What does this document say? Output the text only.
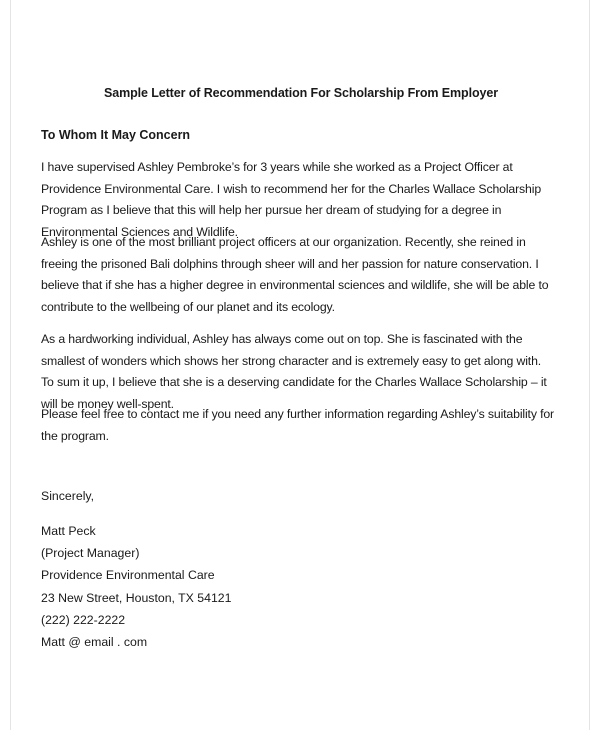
Sample Letter of Recommendation For Scholarship From Employer
To Whom It May Concern

I have supervised Ashley Pembroke’s for 3 years while she worked as a Project Officer at Providence Environmental Care. I wish to recommend her for the Charles Wallace Scholarship Program as I believe that this will help her pursue her dream of studying for a degree in Environmental Sciences and Wildlife.

Ashley is one of the most brilliant project officers at our organization. Recently, she reined in freeing the prisoned Bali dolphins through sheer will and her passion for nature conservation. I believe that if she has a higher degree in environmental sciences and wildlife, she will be able to contribute to the wellbeing of our planet and its ecology.

As a hardworking individual, Ashley has always come out on top. She is fascinated with the smallest of wonders which shows her strong character and is extremely easy to get along with. To sum it up, I believe that she is a deserving candidate for the Charles Wallace Scholarship – it will be money well-spent.

Please feel free to contact me if you need any further information regarding Ashley’s suitability for the program.

Sincerely,
Matt Peck
(Project Manager)
Providence Environmental Care
23 New Street, Houston, TX 54121
(222) 222-2222
Matt @ email . com
